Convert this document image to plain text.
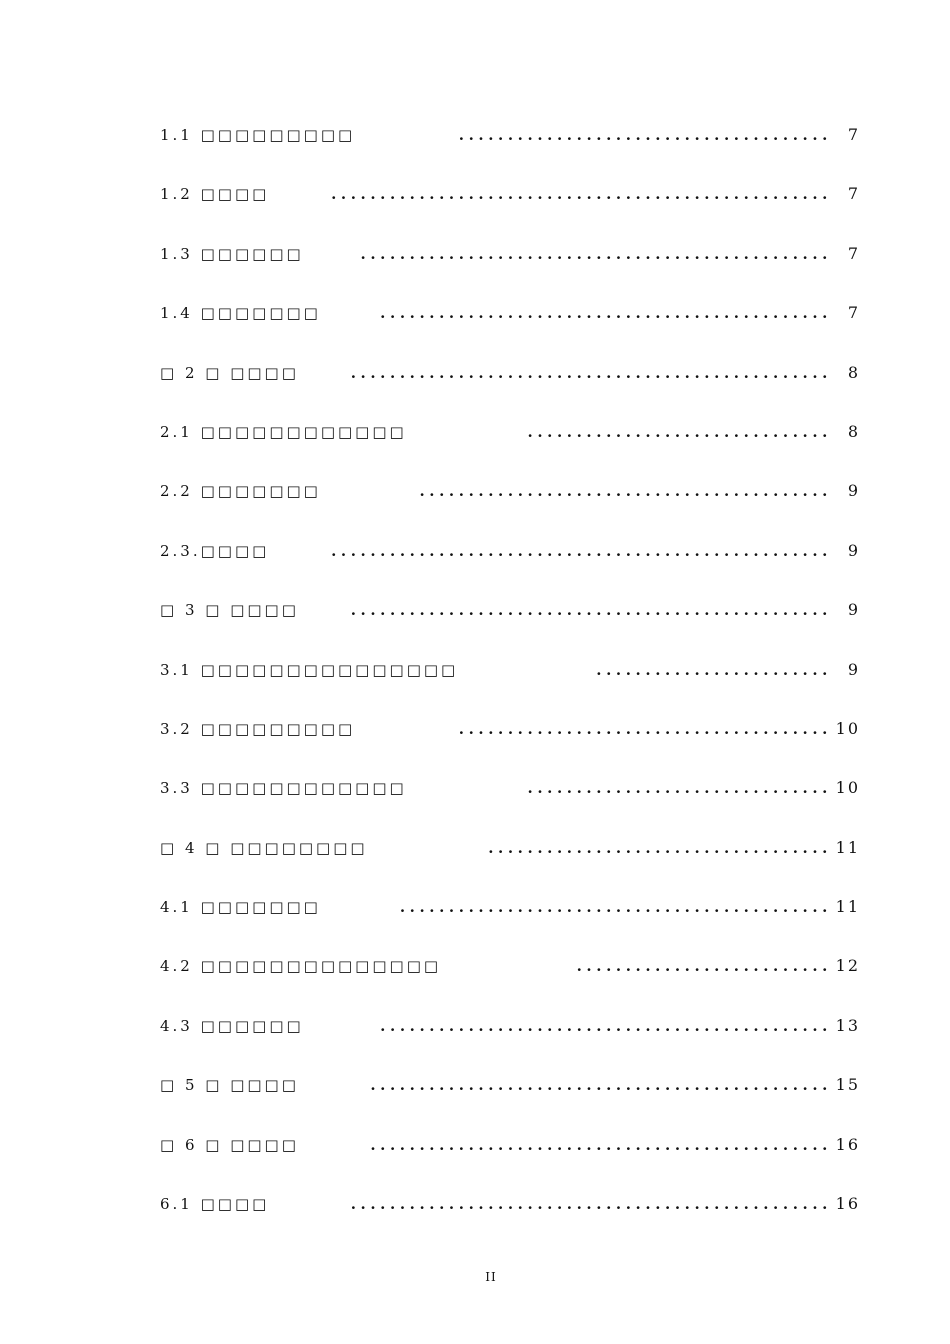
1.1 □□□□□□□□□	...................................... 7
1.2 □□□□	................................................... 7
1.3 □□□□□□	................................................ 7
1.4 □□□□□□□	.............................................. 7
□ 2 □ □□□□	................................................. 8
2.1 □□□□□□□□□□□□	............................... 8
2.2 □□□□□□□	.......................................... 9
2.3.□□□□	................................................... 9
□ 3 □ □□□□	................................................. 9
3.1 □□□□□□□□□□□□□□□	........................ 9
3.2 □□□□□□□□□	...................................... 10
3.3 □□□□□□□□□□□□	............................... 10
□ 4 □ □□□□□□□□	................................... 11
4.1 □□□□□□□	............................................ 11
4.2 □□□□□□□□□□□□□□	.......................... 12
4.3 □□□□□□	.............................................. 13
□ 5 □ □□□□	............................................... 15
□ 6 □ □□□□	............................................... 16
6.1 □□□□	................................................. 16
II
